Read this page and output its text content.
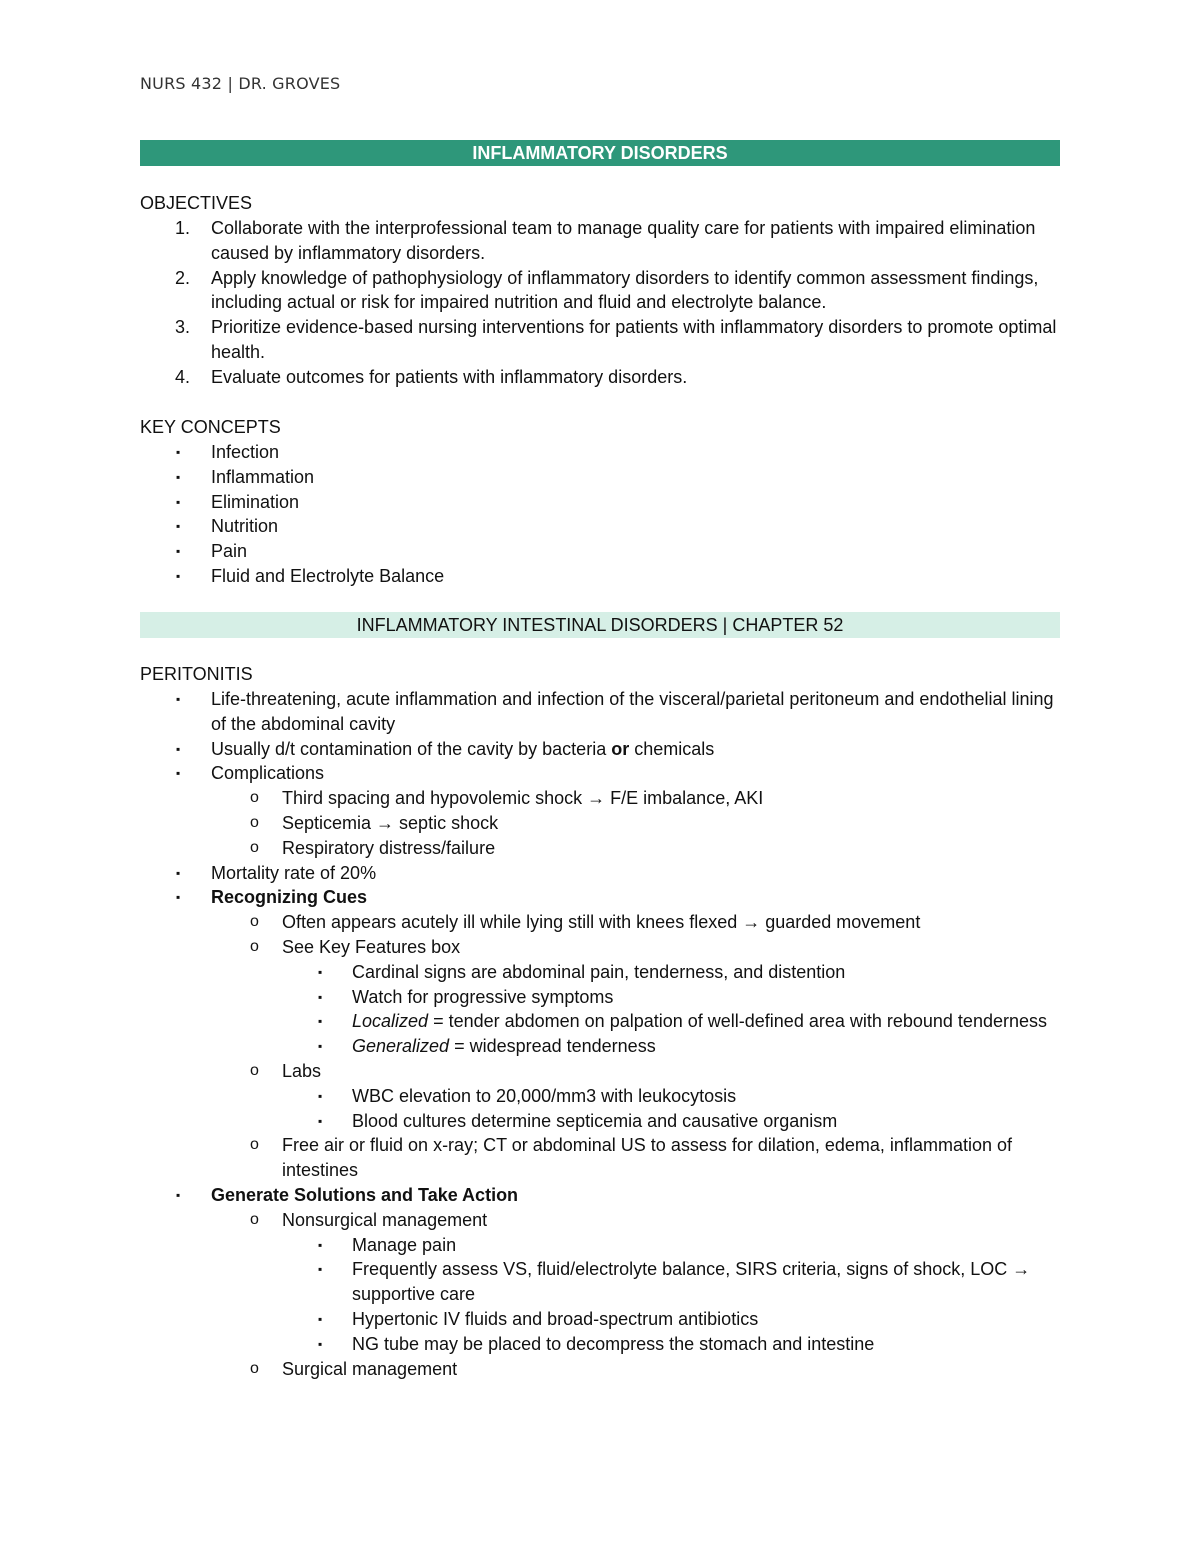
NURS 432 | DR. GROVES
INFLAMMATORY DISORDERS
OBJECTIVES
1. Collaborate with the interprofessional team to manage quality care for patients with impaired elimination
caused by inflammatory disorders.
2. Apply knowledge of pathophysiology of inflammatory disorders to identify common assessment findings,
including actual or risk for impaired nutrition and fluid and electrolyte balance.
3. Prioritize evidence-based nursing interventions for patients with inflammatory disorders to promote optimal
health.
4. Evaluate outcomes for patients with inflammatory disorders.
KEY CONCEPTS
▪ Infection
▪ Inflammation
▪ Elimination
▪ Nutrition
▪ Pain
▪ Fluid and Electrolyte Balance
INFLAMMATORY INTESTINAL DISORDERS | CHAPTER 52
PERITONITIS
▪ Life-threatening, acute inflammation and infection of the visceral/parietal peritoneum and endothelial lining
of the abdominal cavity
▪ Usually d/t contamination of the cavity by bacteria or chemicals
▪ Complications
o Third spacing and hypovolemic shock → F/E imbalance, AKI
o Septicemia → septic shock
o Respiratory distress/failure
▪ Mortality rate of 20%
▪ Recognizing Cues
o Often appears acutely ill while lying still with knees flexed → guarded movement
o See Key Features box
▪ Cardinal signs are abdominal pain, tenderness, and distention
▪ Watch for progressive symptoms
▪ Localized = tender abdomen on palpation of well-defined area with rebound tenderness
▪ Generalized = widespread tenderness
o Labs
▪ WBC elevation to 20,000/mm3 with leukocytosis
▪ Blood cultures determine septicemia and causative organism
o Free air or fluid on x-ray; CT or abdominal US to assess for dilation, edema, inflammation of
intestines
▪ Generate Solutions and Take Action
o Nonsurgical management
▪ Manage pain
▪ Frequently assess VS, fluid/electrolyte balance, SIRS criteria, signs of shock, LOC →
supportive care
▪ Hypertonic IV fluids and broad-spectrum antibiotics
▪ NG tube may be placed to decompress the stomach and intestine
o Surgical management
